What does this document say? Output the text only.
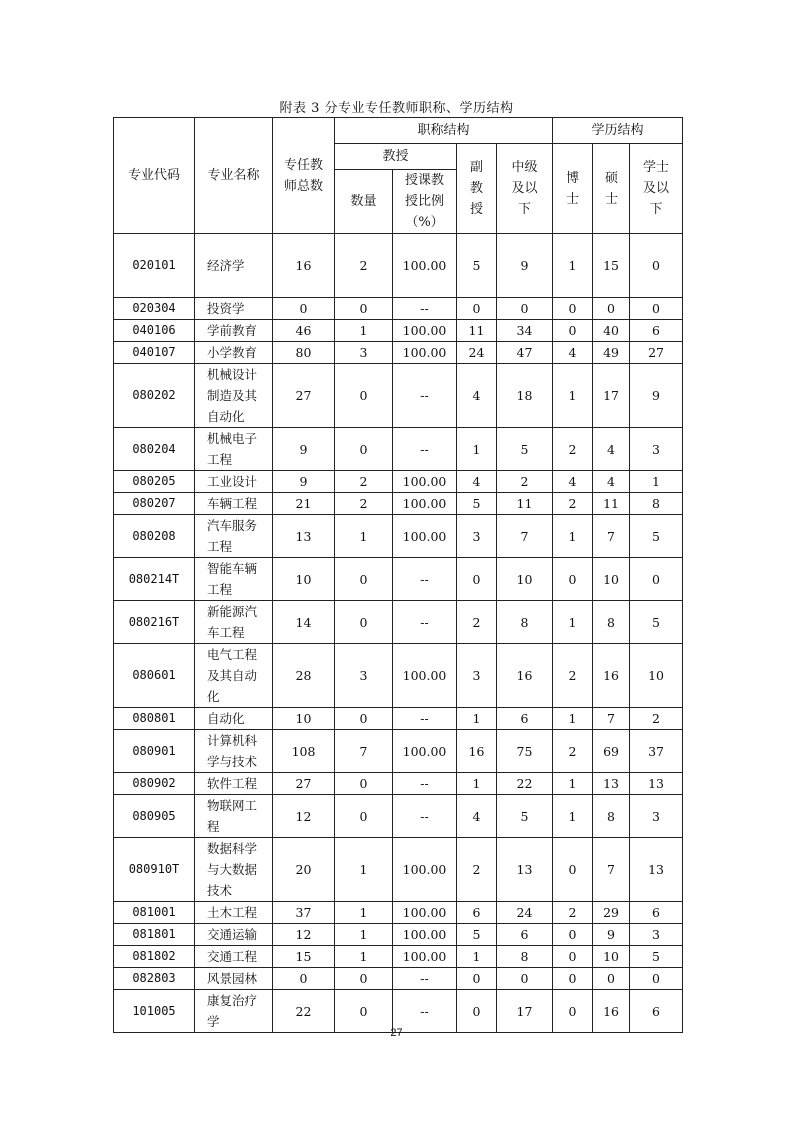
附表 3 分专业专任教师职称、学历结构
专业代码	专业名称	专任教师总数	职称结构				学历结构		
			教授		副教授	中级及以下	博士	硕士	学士及以下
			数量	授课教授比例（%）					
020101	经济学	16	2	100.00	5	9	1	15	0
020304	投资学	0	0	--	0	0	0	0	0
040106	学前教育	46	1	100.00	11	34	0	40	6
040107	小学教育	80	3	100.00	24	47	4	49	27
080202	机械设计制造及其自动化	27	0	--	4	18	1	17	9
080204	机械电子工程	9	0	--	1	5	2	4	3
080205	工业设计	9	2	100.00	4	2	4	4	1
080207	车辆工程	21	2	100.00	5	11	2	11	8
080208	汽车服务工程	13	1	100.00	3	7	1	7	5
080214T	智能车辆工程	10	0	--	0	10	0	10	0
080216T	新能源汽车工程	14	0	--	2	8	1	8	5
080601	电气工程及其自动化	28	3	100.00	3	16	2	16	10
080801	自动化	10	0	--	1	6	1	7	2
080901	计算机科学与技术	108	7	100.00	16	75	2	69	37
080902	软件工程	27	0	--	1	22	1	13	13
080905	物联网工程	12	0	--	4	5	1	8	3
080910T	数据科学与大数据技术	20	1	100.00	2	13	0	7	13
081001	土木工程	37	1	100.00	6	24	2	29	6
081801	交通运输	12	1	100.00	5	6	0	9	3
081802	交通工程	15	1	100.00	1	8	0	10	5
082803	风景园林	0	0	--	0	0	0	0	0
101005	康复治疗学	22	0	--	0	17	0	16	6
27
